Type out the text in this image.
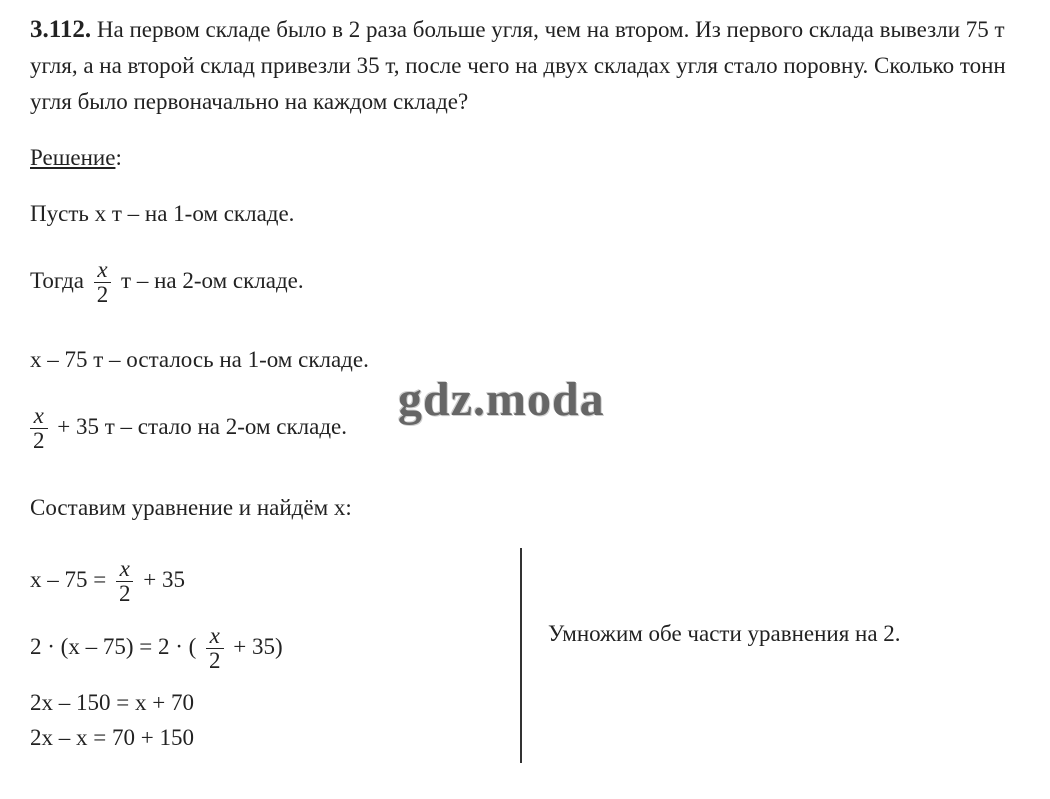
3.112. На первом складе было в 2 раза больше угля, чем на втором. Из первого склада вывезли 75 т угля, а на второй склад привезли 35 т, после чего на двух складах угля стало поровну. Сколько тонн угля было первоначально на каждом складе?
Решение:
Пусть х т – на 1-ом складе.
Тогда $\frac{x}{2}$ т – на 2-ом складе.
х – 75 т – осталось на 1-ом складе.
$\frac{x}{2} + 35$ т – стало на 2-ом складе.
Составим уравнение и найдём х:
$х - 75 = \frac{x}{2} + 35$
2 · (х – 75) = 2 · ( $\frac{x}{2} + 35$)
2х – 150 = х + 70
2х – х = 70 + 150
Умножим обе части уравнения на 2.
gdz.moda
